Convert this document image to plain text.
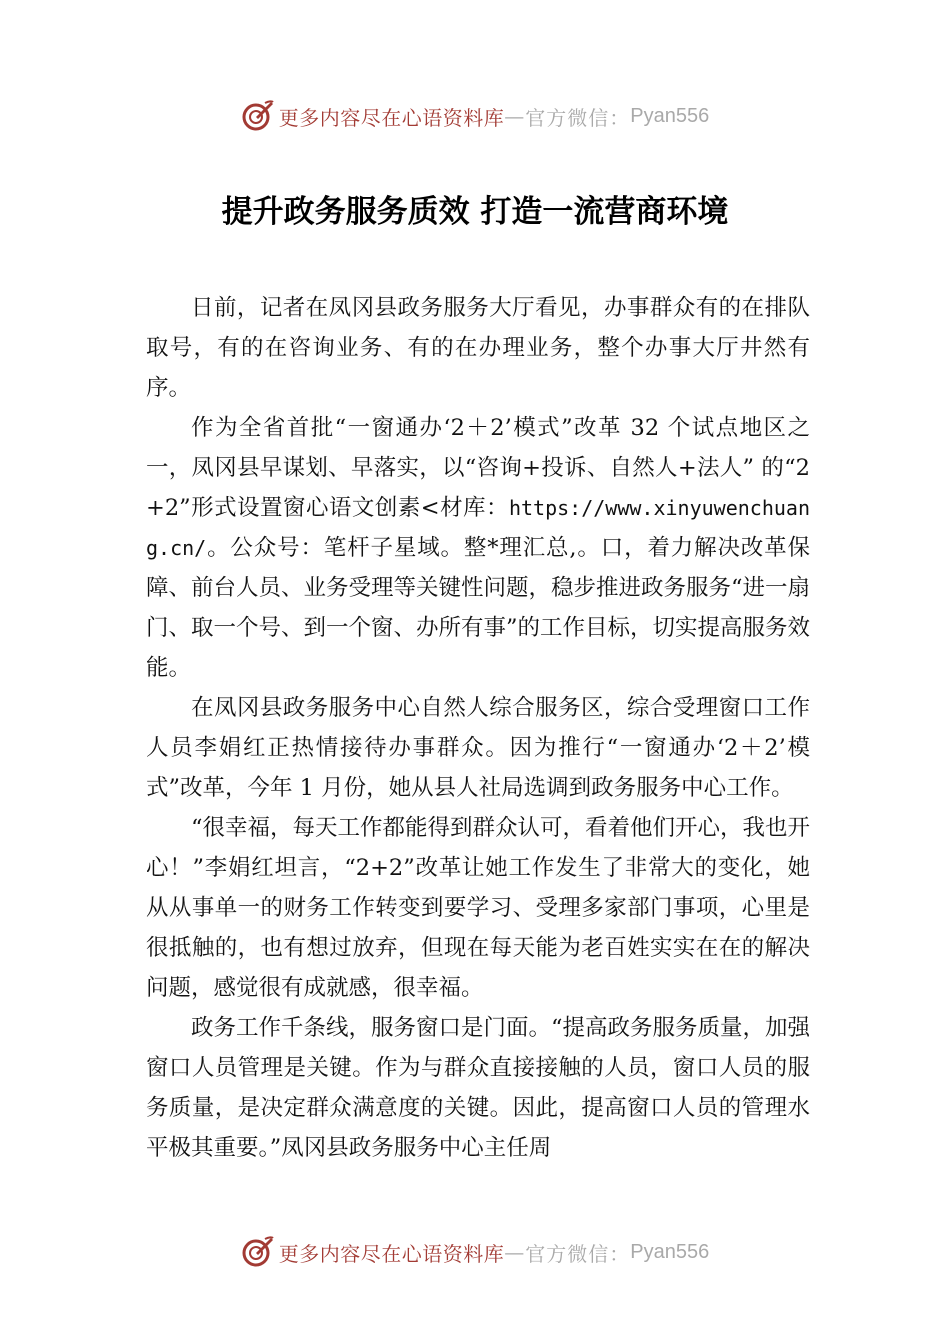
更多内容尽在心语资料库 — 官方微信： Pyan556
提升政务服务质效 打造一流营商环境

日前，记者在凤冈县政务服务大厅看见，办事群众有的在排队取号，有的在咨询业务、有的在办理业务，整个办事大厅井然有序。

作为全省首批“一窗通办‘2＋2’模式”改革 32 个试点地区之一，凤冈县早谋划、早落实，以“咨询+投诉、自然人+法人” 的“2+2”形式设置窗心语文创素<材库：https://www.xinyuwenchuang.cn/。公众号：笔杆子星域。整*理汇总,。口，着力解决改革保障、前台人员、业务受理等关键性问题，稳步推进政务服务“进一扇门、取一个号、到一个窗、办所有事”的工作目标，切实提高服务效能。

在凤冈县政务服务中心自然人综合服务区，综合受理窗口工作人员李娟红正热情接待办事群众。因为推行“一窗通办‘2＋2’模式”改革，今年 1 月份，她从县人社局选调到政务服务中心工作。

“很幸福，每天工作都能得到群众认可，看着他们开心，我也开心！”李娟红坦言，“2+2”改革让她工作发生了非常大的变化，她从从事单一的财务工作转变到要学习、受理多家部门事项，心里是很抵触的，也有想过放弃，但现在每天能为老百姓实实在在的解决问题，感觉很有成就感，很幸福。

政务工作千条线，服务窗口是门面。“提高政务服务质量，加强窗口人员管理是关键。作为与群众直接接触的人员，窗口人员的服务质量，是决定群众满意度的关键。因此，提高窗口人员的管理水平极其重要。”凤冈县政务服务中心主任周

更多内容尽在心语资料库 — 官方微信： Pyan556
